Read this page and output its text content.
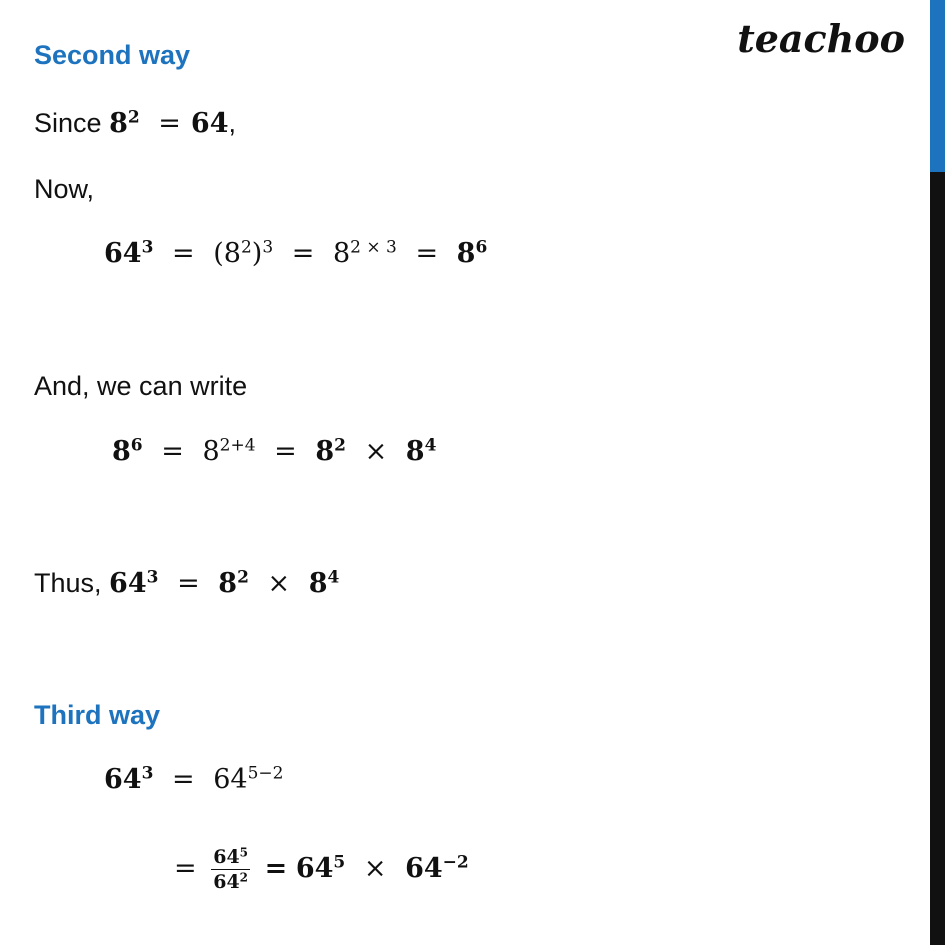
teachoo
Second way
Since $8^2 = 64$,
Now,
$64^3 = (8^2)^3 = 8^{2 \times 3} = 8^6$
And, we can write
$8^6 = 8^{2+4} = 8^2 \times 8^4$
Thus, $64^3 = 8^2 \times 8^4$
Third way
$64^3 = 64^{5-2}$
= $\frac{64^5}{64^2} = 64^5 \times 64^{-2}$
